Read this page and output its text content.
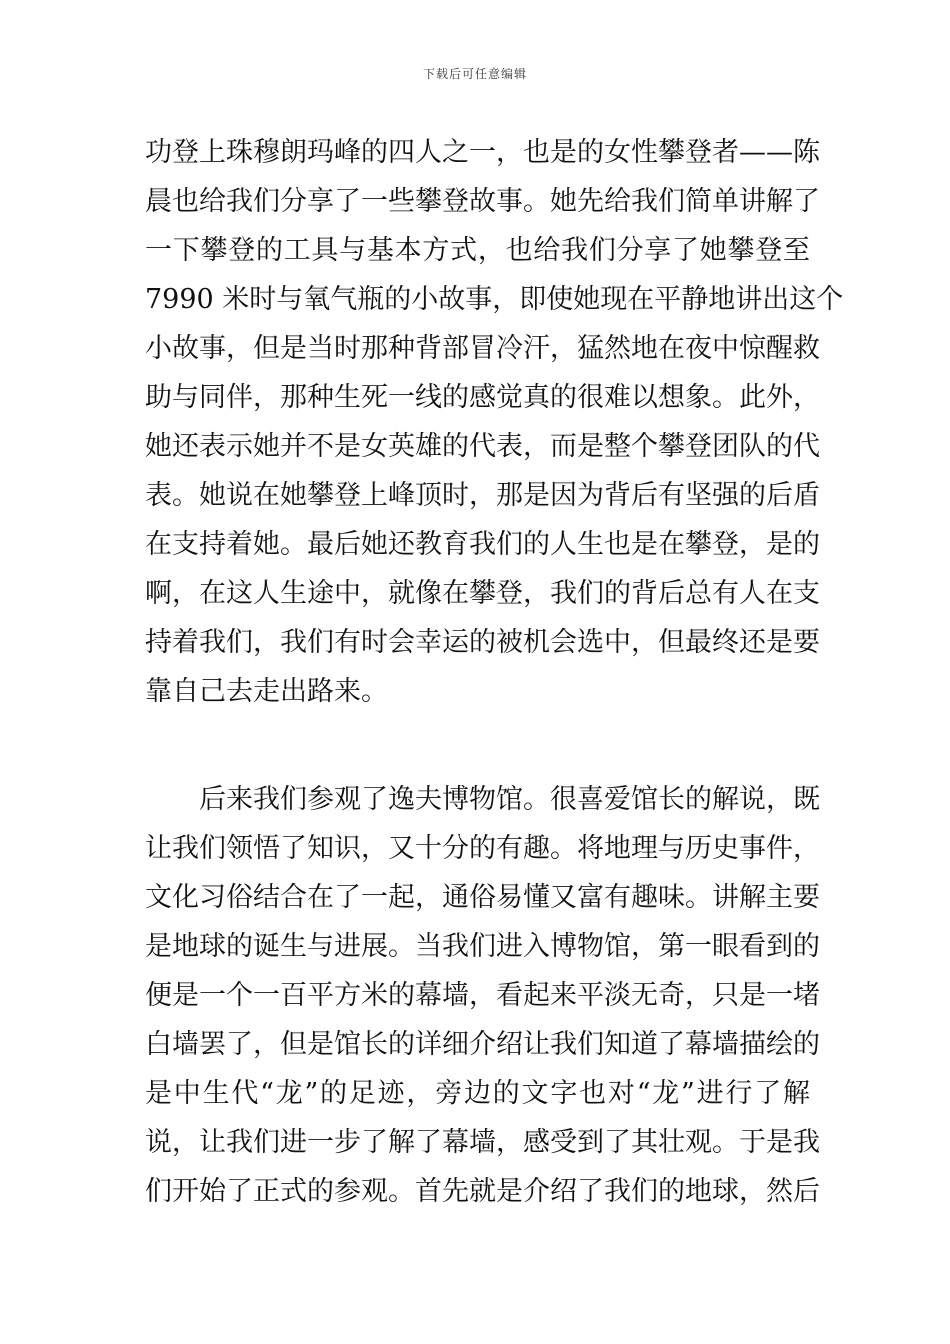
下载后可任意编辑
功登上珠穆朗玛峰的四人之一，也是的女性攀登者——陈
晨也给我们分享了一些攀登故事。她先给我们简单讲解了
一下攀登的工具与基本方式，也给我们分享了她攀登至
7990 米时与氧气瓶的小故事，即使她现在平静地讲出这个
小故事，但是当时那种背部冒冷汗，猛然地在夜中惊醒救
助与同伴，那种生死一线的感觉真的很难以想象。此外，
她还表示她并不是女英雄的代表，而是整个攀登团队的代
表。她说在她攀登上峰顶时，那是因为背后有坚强的后盾
在支持着她。最后她还教育我们的人生也是在攀登，是的
啊，在这人生途中，就像在攀登，我们的背后总有人在支
持着我们，我们有时会幸运的被机会选中，但最终还是要
靠自己去走出路来。
后来我们参观了逸夫博物馆。很喜爱馆长的解说，既
让我们领悟了知识，又十分的有趣。将地理与历史事件，
文化习俗结合在了一起，通俗易懂又富有趣味。讲解主要
是地球的诞生与进展。当我们进入博物馆，第一眼看到的
便是一个一百平方米的幕墙，看起来平淡无奇，只是一堵
白墙罢了，但是馆长的详细介绍让我们知道了幕墙描绘的
是中生代“龙”的足迹，旁边的文字也对“龙”进行了解
说，让我们进一步了解了幕墙，感受到了其壮观。于是我
们开始了正式的参观。首先就是介绍了我们的地球，然后
